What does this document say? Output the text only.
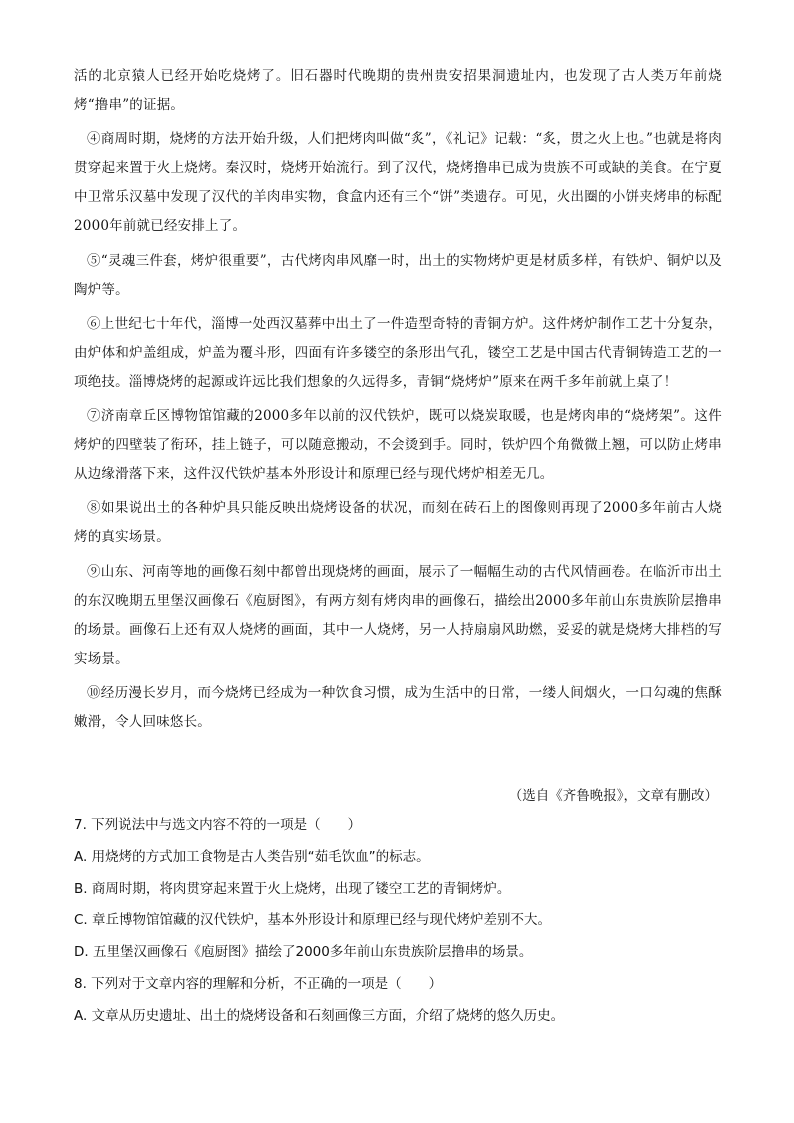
活的北京猿人已经开始吃烧烤了。旧石器时代晚期的贵州贵安招果洞遗址内，也发现了古人类万年前烧烤“撸串”的证据。

④商周时期，烧烤的方法开始升级，人们把烤肉叫做“炙”，《礼记》记载：“炙，贯之火上也。”也就是将肉贯穿起来置于火上烧烤。秦汉时，烧烤开始流行。到了汉代，烧烤撸串已成为贵族不可或缺的美食。在宁夏中卫常乐汉墓中发现了汉代的羊肉串实物，食盒内还有三个“饼”类遗存。可见，火出圈的小饼夹烤串的标配2000年前就已经安排上了。

⑤“灵魂三件套，烤炉很重要”，古代烤肉串风靡一时，出土的实物烤炉更是材质多样，有铁炉、铜炉以及陶炉等。

⑥上世纪七十年代，淄博一处西汉墓葬中出土了一件造型奇特的青铜方炉。这件烤炉制作工艺十分复杂，由炉体和炉盖组成，炉盖为覆斗形，四面有许多镂空的条形出气孔，镂空工艺是中国古代青铜铸造工艺的一项绝技。淄博烧烤的起源或许远比我们想象的久远得多，青铜“烧烤炉”原来在两千多年前就上桌了！

⑦济南章丘区博物馆馆藏的2000多年以前的汉代铁炉，既可以烧炭取暖，也是烤肉串的“烧烤架”。这件烤炉的四壁装了衔环，挂上链子，可以随意搬动，不会烫到手。同时，铁炉四个角微微上翘，可以防止烤串从边缘滑落下来，这件汉代铁炉基本外形设计和原理已经与现代烤炉相差无几。

⑧如果说出土的各种炉具只能反映出烧烤设备的状况，而刻在砖石上的图像则再现了2000多年前古人烧烤的真实场景。

⑨山东、河南等地的画像石刻中都曾出现烧烤的画面，展示了一幅幅生动的古代风情画卷。在临沂市出土的东汉晚期五里堡汉画像石《庖厨图》，有两方刻有烤肉串的画像石，描绘出2000多年前山东贵族阶层撸串的场景。画像石上还有双人烧烤的画面，其中一人烧烤，另一人持扇扇风助燃，妥妥的就是烧烤大排档的写实场景。

⑩经历漫长岁月，而今烧烤已经成为一种饮食习惯，成为生活中的日常，一缕人间烟火，一口勾魂的焦酥嫩滑，令人回味悠长。

（选自《齐鲁晚报》，文章有删改）
7. 下列说法中与选文内容不符的一项是（　　）
A. 用烧烤的方式加工食物是古人类告别“茹毛饮血”的标志。
B. 商周时期，将肉贯穿起来置于火上烧烤，出现了镂空工艺的青铜烤炉。
C. 章丘博物馆馆藏的汉代铁炉，基本外形设计和原理已经与现代烤炉差别不大。
D. 五里堡汉画像石《庖厨图》描绘了2000多年前山东贵族阶层撸串的场景。
8. 下列对于文章内容的理解和分析，不正确的一项是（　　）
A. 文章从历史遗址、出土的烧烤设备和石刻画像三方面，介绍了烧烤的悠久历史。
